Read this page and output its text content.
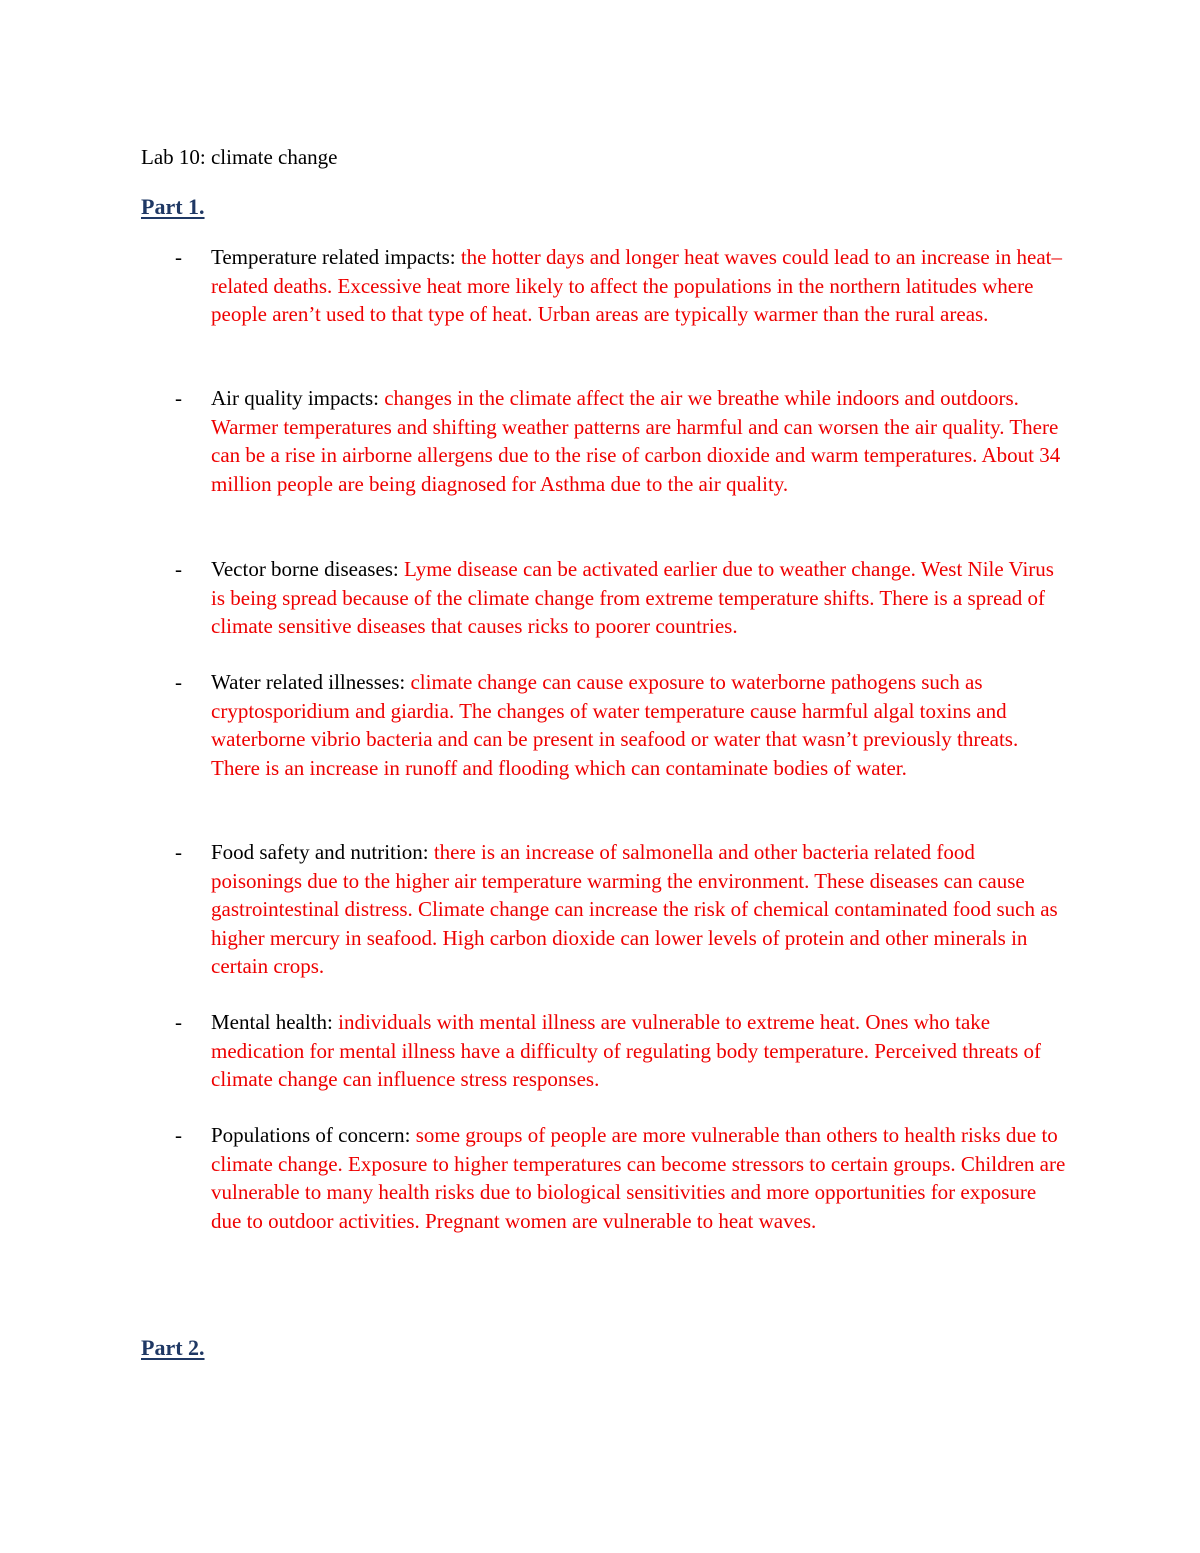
Lab 10: climate change
Part 1.
- Temperature related impacts: the hotter days and longer heat waves could lead to an increase in heat–related deaths. Excessive heat more likely to affect the populations in the northern latitudes where people aren’t used to that type of heat. Urban areas are typically warmer than the rural areas.
- Air quality impacts: changes in the climate affect the air we breathe while indoors and outdoors. Warmer temperatures and shifting weather patterns are harmful and can worsen the air quality. There can be a rise in airborne allergens due to the rise of carbon dioxide and warm temperatures. About 34 million people are being diagnosed for Asthma due to the air quality.
- Vector borne diseases: Lyme disease can be activated earlier due to weather change. West Nile Virus is being spread because of the climate change from extreme temperature shifts. There is a spread of climate sensitive diseases that causes ricks to poorer countries.
- Water related illnesses: climate change can cause exposure to waterborne pathogens such as cryptosporidium and giardia. The changes of water temperature cause harmful algal toxins and waterborne vibrio bacteria and can be present in seafood or water that wasn’t previously threats. There is an increase in runoff and flooding which can contaminate bodies of water.
- Food safety and nutrition: there is an increase of salmonella and other bacteria related food poisonings due to the higher air temperature warming the environment. These diseases can cause gastrointestinal distress. Climate change can increase the risk of chemical contaminated food such as higher mercury in seafood. High carbon dioxide can lower levels of protein and other minerals in certain crops.
- Mental health: individuals with mental illness are vulnerable to extreme heat. Ones who take medication for mental illness have a difficulty of regulating body temperature. Perceived threats of climate change can influence stress responses.
- Populations of concern: some groups of people are more vulnerable than others to health risks due to climate change. Exposure to higher temperatures can become stressors to certain groups. Children are vulnerable to many health risks due to biological sensitivities and more opportunities for exposure due to outdoor activities. Pregnant women are vulnerable to heat waves.
Part 2.
